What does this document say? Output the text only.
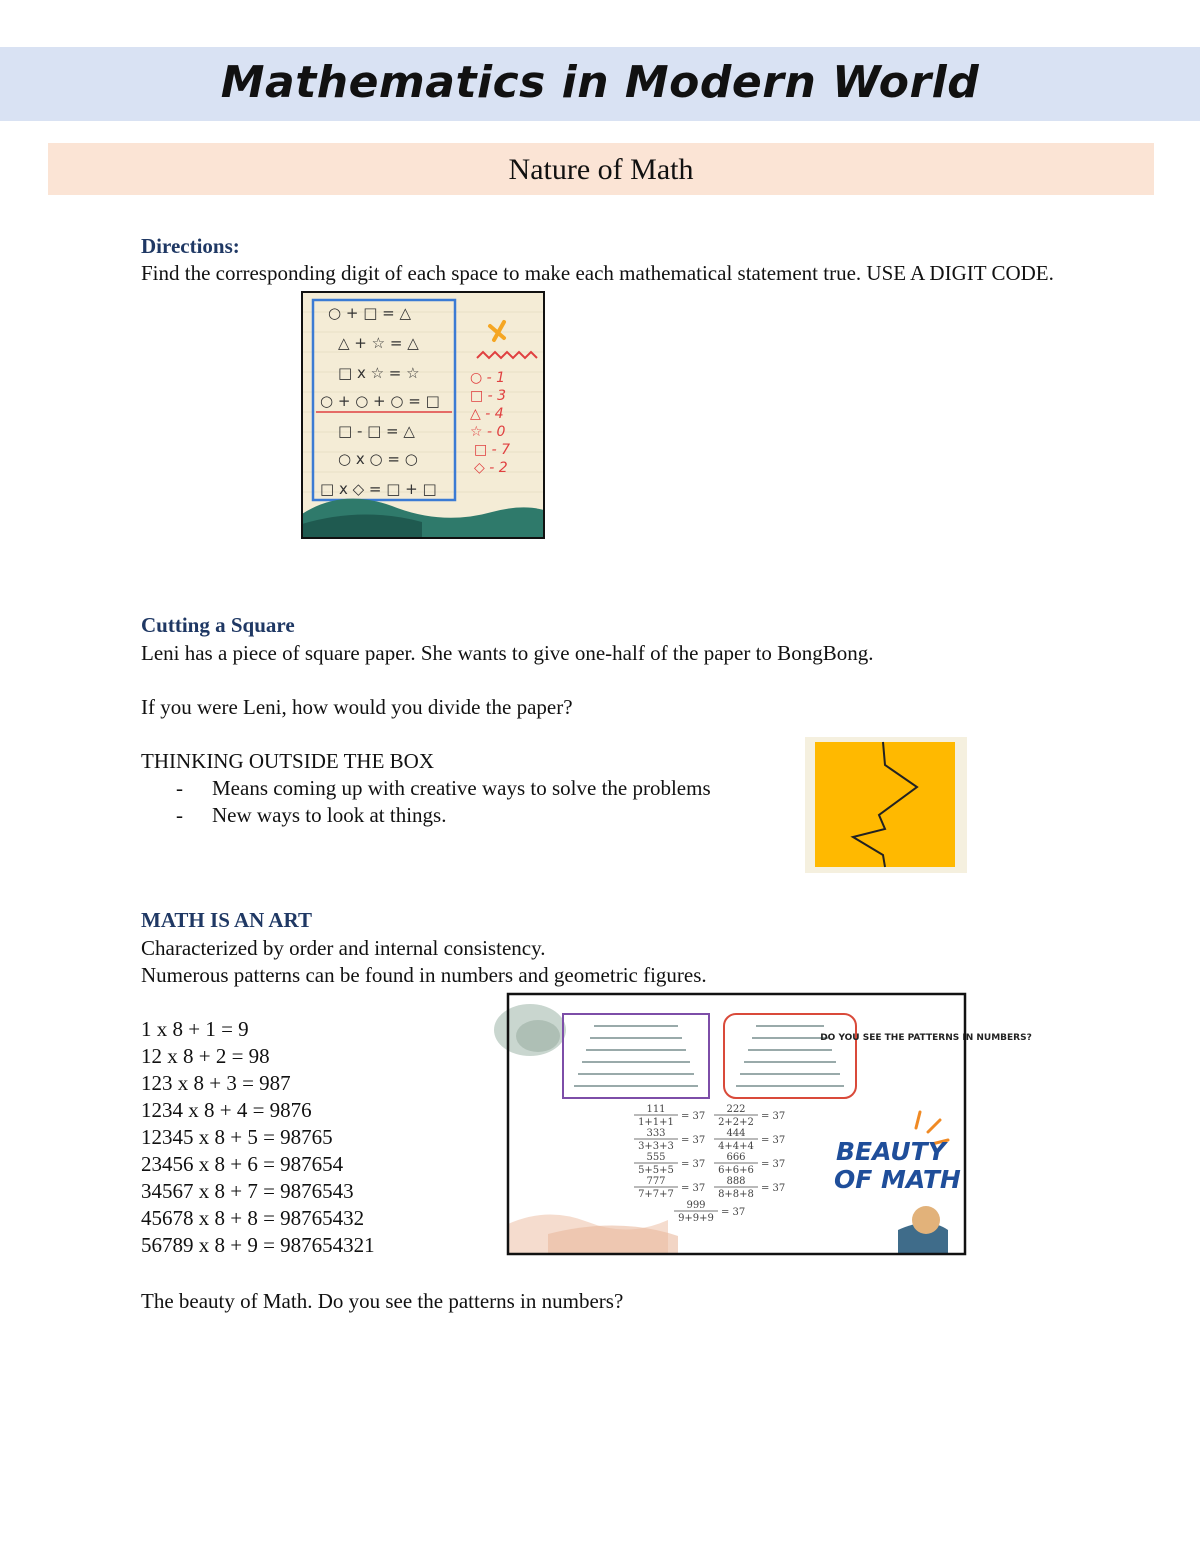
Mathematics in Modern World
Nature of Math

Directions:

Find the corresponding digit of each space to make each mathematical statement true. USE A DIGIT CODE.

○ + □ = △
△ + ☆ = △
□ x ☆ = ☆
○ + ○ + ○ = □
□ - □ = △
○ x ○ = ○
□ x ◇ = □ + □
○ - 1
□ - 3
△ - 4
☆ - 0
□ - 7
◇ - 2

Cutting a Square

Leni has a piece of square paper. She wants to give one-half of the paper to BongBong.

If you were Leni, how would you divide the paper?

THINKING OUTSIDE THE BOX

- Means coming up with creative ways to solve the problems

- New ways to look at things.

MATH IS AN ART

Characterized by order and internal consistency.

Numerous patterns can be found in numbers and geometric figures.

1 x 8 + 1 = 9

12 x 8 + 2 = 98

123 x 8 + 3 = 987

1234 x 8 + 4 = 9876

12345 x 8 + 5 = 98765

23456 x 8 + 6 = 987654

34567 x 8 + 7 = 9876543

45678 x 8 + 8 = 98765432

56789 x 8 + 9 = 987654321

DO YOU SEE THE PATTERNS IN NUMBERS?
BEAUTY
OF MATH
111
1+1+1
= 37
222
2+2+2
= 37
333
3+3+3
= 37
444
4+4+4
= 37
555
5+5+5
= 37
666
6+6+6
= 37
777
7+7+7
= 37
888
8+8+8
= 37
999
9+9+9
= 37

The beauty of Math. Do you see the patterns in numbers?
